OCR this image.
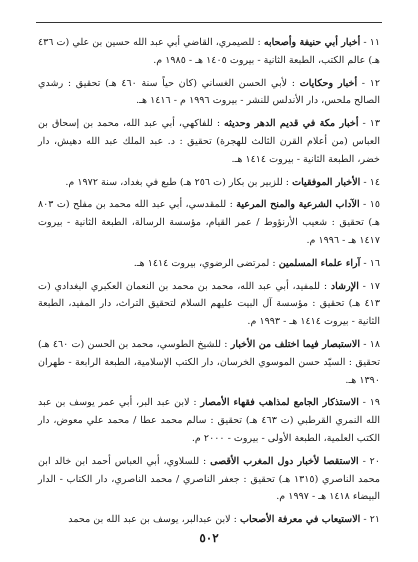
١١ - أخبار أبي حنيفة وأصحابه : للصيمري، القاضي أبي عبد الله حسين بن علي (ت ٤٣٦ هـ) عالم الكتب، الطبعة الثانية - بيروت ١٤٠٥ هـ - ١٩٨٥ م.

١٢ - أخبار وحكايات : لأبي الحسن الغساني (كان حياً سنة ٤٦٠ هـ) تحقيق : رشدي الصالح ملحس، دار الأندلس للنشر - بيروت ١٩٩٦ م - ١٤١٦ هـ.

١٣ - أخبار مكة في قديم الدهر وحديثه : للفاكهي، أبي عبد الله، محمد بن إسحاق بن العباس (من أعلام القرن الثالث للهجرة) تحقيق : د. عبد الملك عبد الله دهيش، دار خضر، الطبعة الثانية - بيروت ١٤١٤ هـ.

١٤ - الأخبار الموفقيات : للزبير بن بكار (ت ٢٥٦ هـ) طبع في بغداد، سنة ١٩٧٢ م.

١٥ - الآداب الشرعية والمنح المرعية : للمقدسي، أبي عبد الله محمد بن مفلح (ت ٨٠٣ هـ) تحقيق : شعيب الأرنؤوط / عمر القيام، مؤسسة الرسالة، الطبعة الثانية - بيروت ١٤١٧ هـ - ١٩٩٦ م.

١٦ - آراء علماء المسلمين : لمرتضى الرضوي، بيروت ١٤١٤ هـ.

١٧ - الإرشاد : للمفيد، أبي عبد الله، محمد بن محمد بن النعمان العكبري البغدادي (ت ٤١٣ هـ) تحقيق : مؤسسة آل البيت عليهم السلام لتحقيق التراث، دار المفيد، الطبعة الثانية - بيروت ١٤١٤ هـ - ١٩٩٣ م.

١٨ - الاستبصار فيما اختلف من الأخبار : للشيخ الطوسي، محمد بن الحسن (ت ٤٦٠ هـ) تحقيق : السيّد حسن الموسوي الخرسان، دار الكتب الإسلامية، الطبعة الرابعة - طهران ١٣٩٠ هـ.

١٩ - الاستذكار الجامع لمذاهب فقهاء الأمصار : لابن عبد البر، أبي عمر يوسف بن عبد الله النمري القرطبي (ت ٤٦٣ هـ) تحقيق : سالم محمد عطا / محمد علي معوض، دار الكتب العلمية، الطبعة الأولى - بيروت - ٢٠٠٠ م.

٢٠ - الاستقصا لأخبار دول المغرب الأقصى : للسلاوي، أبي العباس أحمد ابن خالد ابن محمد الناصري (١٣١٥ هـ) تحقيق : جعفر الناصري / محمد الناصري، دار الكتاب - الدار البيضاء ١٤١٨ هـ - ١٩٩٧ م.

٢١ - الاستيعاب في معرفة الأصحاب : لابن عبدالبر، يوسف بن عبد الله بن محمد

٥٠٢
